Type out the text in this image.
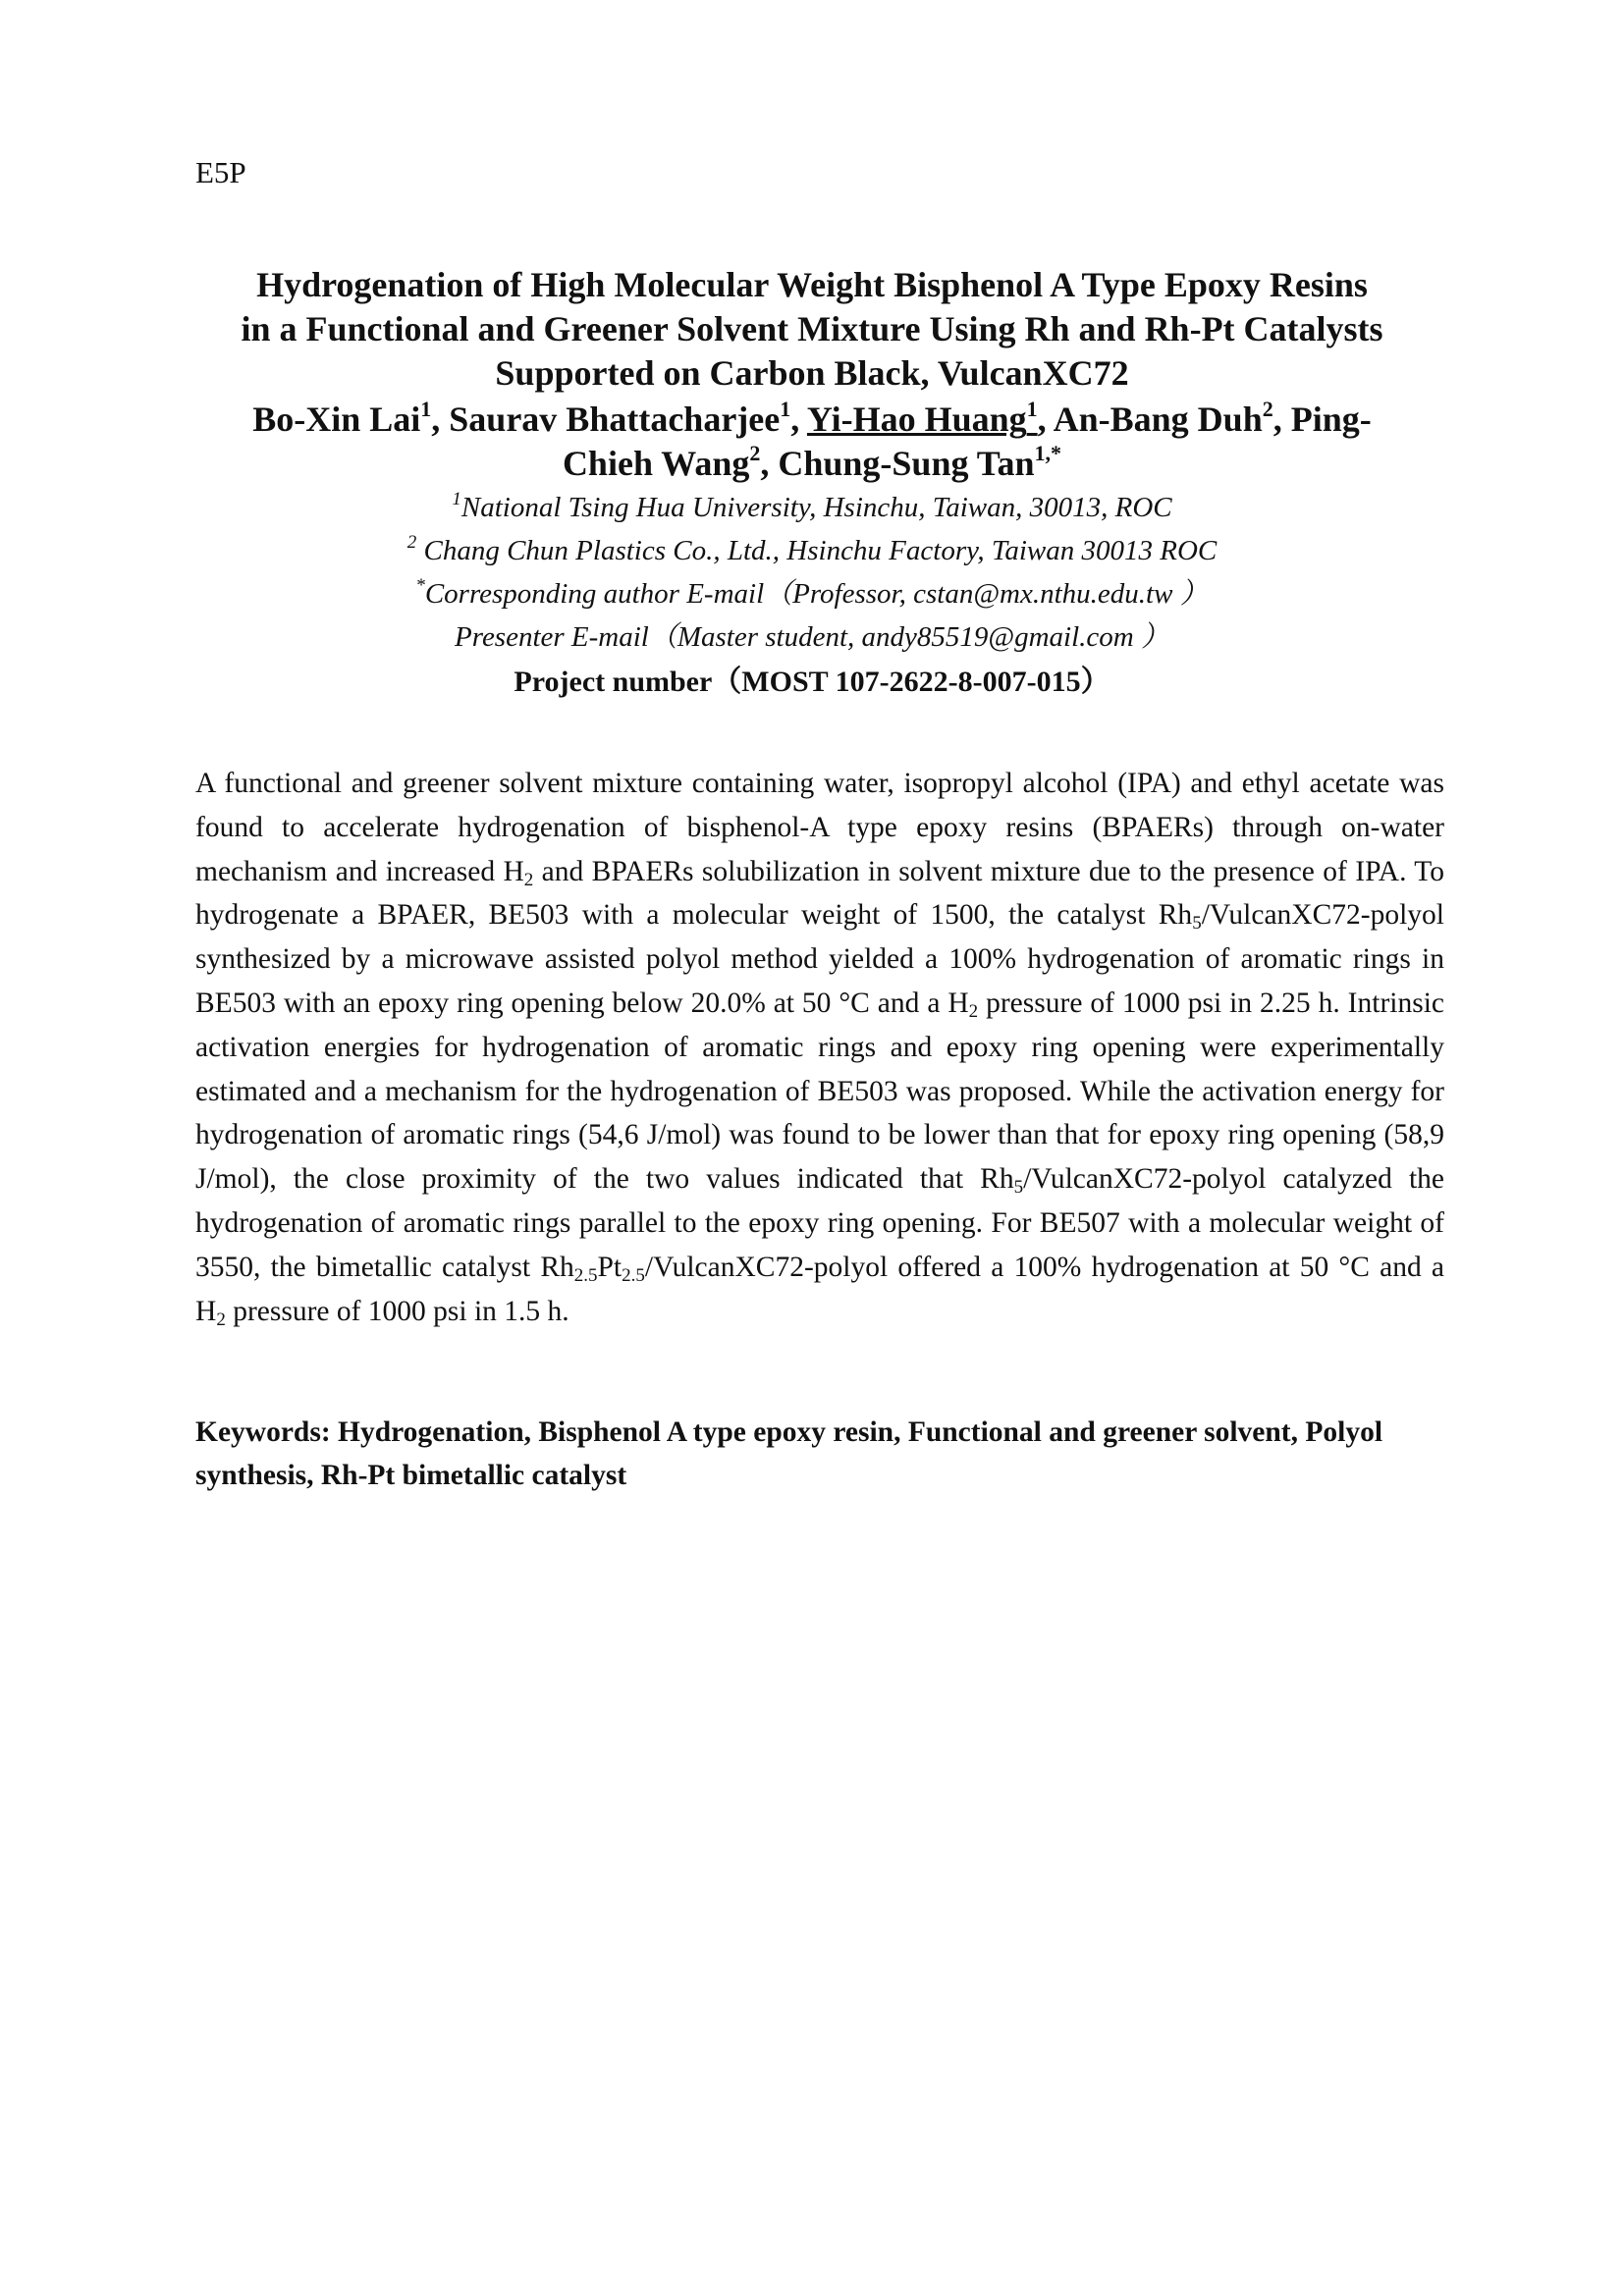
E5P
Hydrogenation of High Molecular Weight Bisphenol A Type Epoxy Resins
in a Functional and Greener Solvent Mixture Using Rh and Rh-Pt Catalysts
Supported on Carbon Black, VulcanXC72
Bo-Xin Lai$^1$, Saurav Bhattacharjee$^1$, Yi-Hao Huang$^1$, An-Bang Duh$^2$, Ping-
Chieh Wang$^2$, Chung-Sung Tan$^{1,*}$
$^1$National Tsing Hua University, Hsinchu, Taiwan, 30013, ROC
$^2$ Chang Chun Plastics Co., Ltd., Hsinchu Factory, Taiwan 30013 ROC
*Corresponding author E-mail（Professor, cstan@mx.nthu.edu.tw ）
Presenter E-mail（Master student, andy85519@gmail.com ）
Project number（MOST 107-2622-8-007-015）

A functional and greener solvent mixture containing water, isopropyl alcohol (IPA) and ethyl acetate was found to accelerate hydrogenation of bisphenol-A type epoxy resins (BPAERs) through on-water mechanism and increased $H_2$ and BPAERs solubilization in solvent mixture due to the presence of IPA. To hydrogenate a BPAER, BE503 with a molecular weight of 1500, the catalyst $Rh_5/VulcanXC72$-polyol synthesized by a microwave assisted polyol method yielded a 100% hydrogenation of aromatic rings in BE503 with an epoxy ring opening below 20.0% at 50 °C and a $H_2$ pressure of 1000 psi in 2.25 h. Intrinsic activation energies for hydrogenation of aromatic rings and epoxy ring opening were experimentally estimated and a mechanism for the hydrogenation of BE503 was proposed. While the activation energy for hydrogenation of aromatic rings (54,6 J/mol) was found to be lower than that for epoxy ring opening (58,9 J/mol), the close proximity of the two values indicated that $Rh_5/VulcanXC72$-polyol catalyzed the hydrogenation of aromatic rings parallel to the epoxy ring opening. For BE507 with a molecular weight of 3550, the bimetallic catalyst $Rh_{2.5}Pt_{2.5}/VulcanXC72$-polyol offered a 100% hydrogenation at 50 °C and a $H_2$ pressure of 1000 psi in 1.5 h.

Keywords: Hydrogenation, Bisphenol A type epoxy resin, Functional and greener solvent, Polyol synthesis, Rh-Pt bimetallic catalyst
